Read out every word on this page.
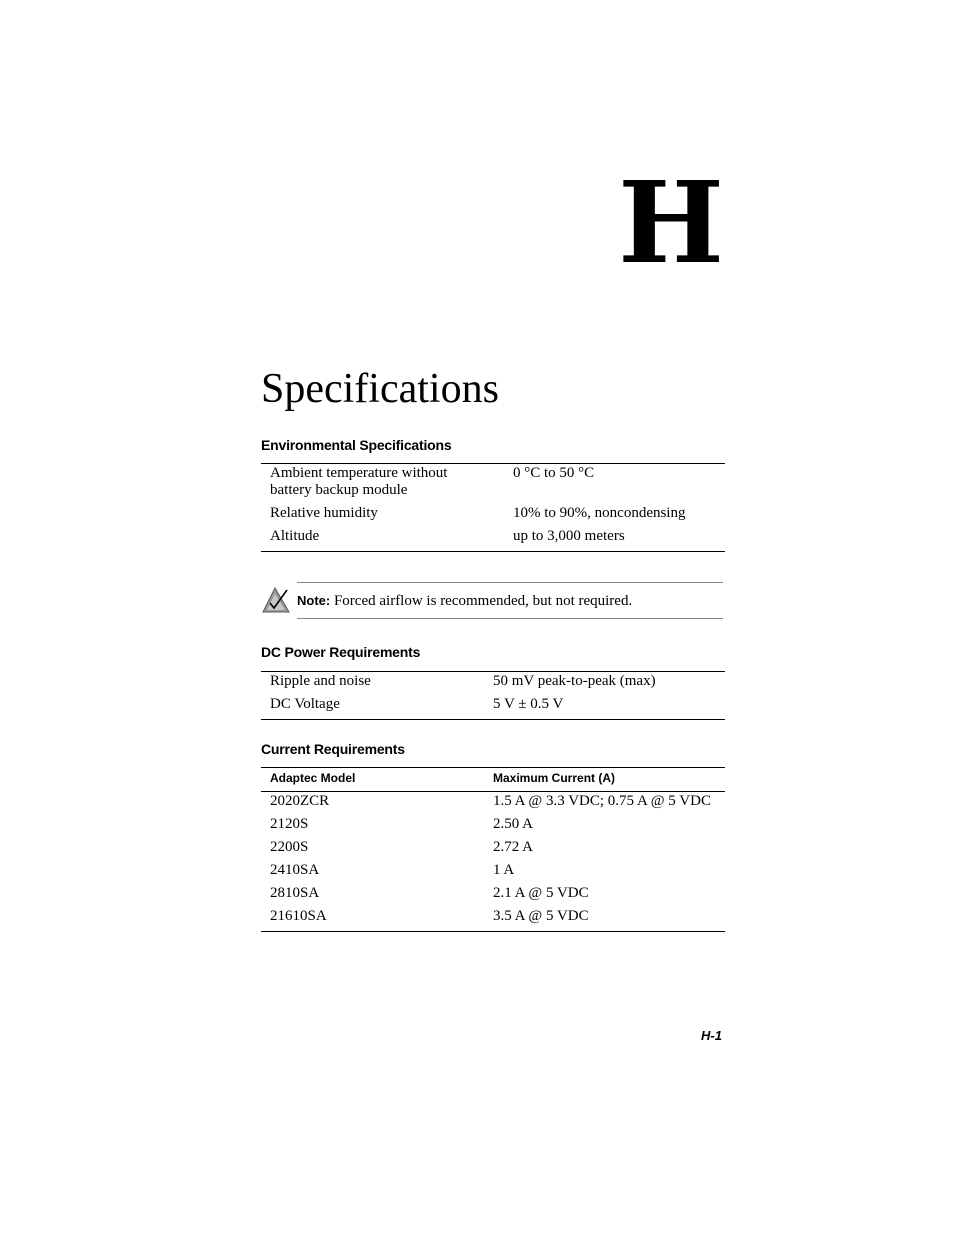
H
Specifications
Environmental Specifications
Ambient temperature without battery backup module	0 °C to 50 °C
Relative humidity	10% to 90%, noncondensing
Altitude	up to 3,000 meters
Note: Forced airflow is recommended, but not required.
DC Power Requirements
Ripple and noise	50 mV peak-to-peak (max)
DC Voltage	5 V ± 0.5 V
Current Requirements
Adaptec Model	Maximum Current (A)
2020ZCR	1.5 A @ 3.3 VDC; 0.75 A @ 5 VDC
2120S	2.50 A
2200S	2.72 A
2410SA	1 A
2810SA	2.1 A @ 5 VDC
21610SA	3.5 A @ 5 VDC
H-1
